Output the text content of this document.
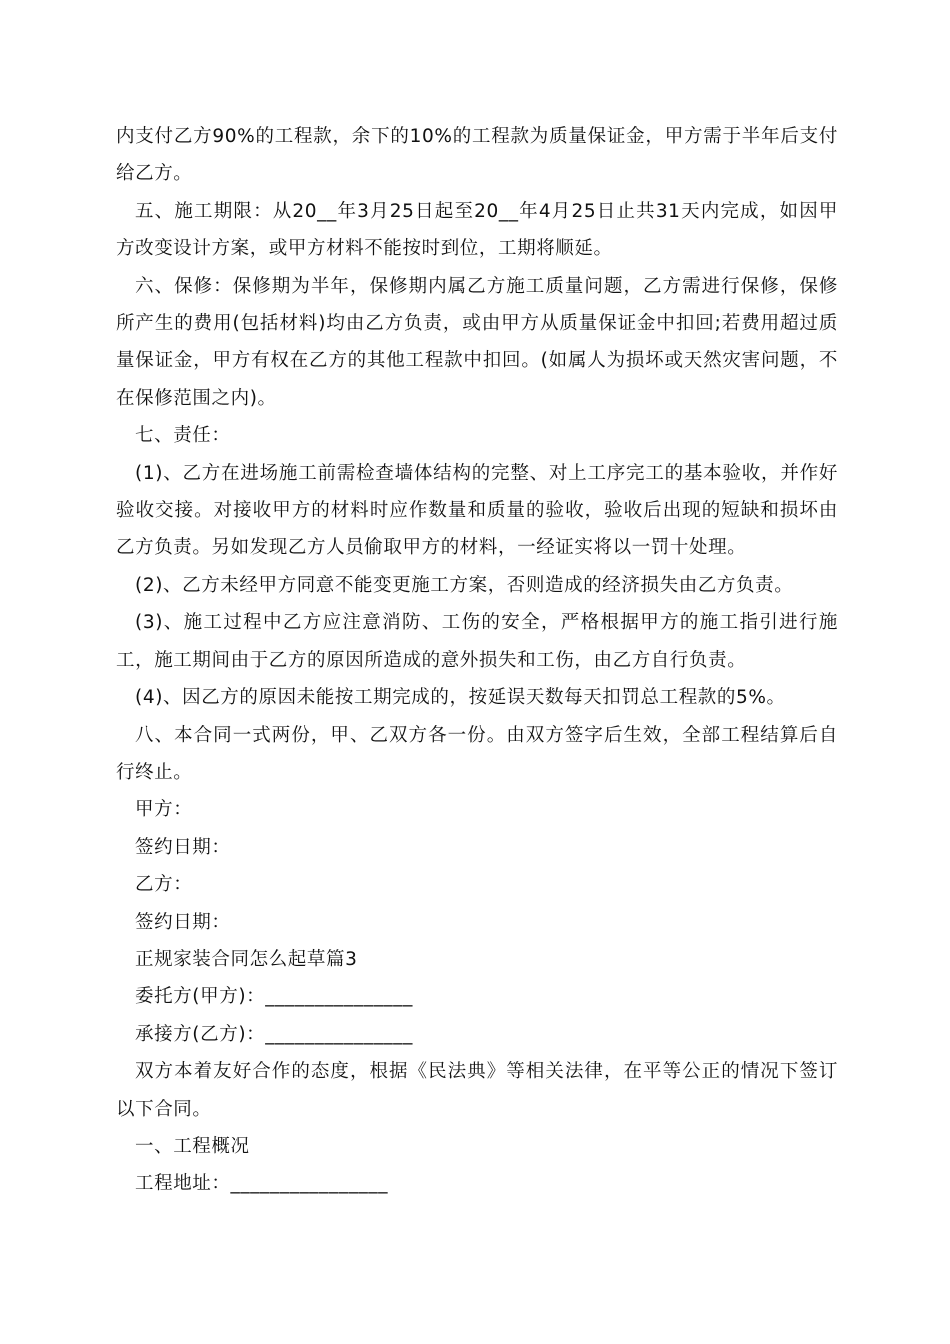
内支付乙方90%的工程款，余下的10%的工程款为质量保证金，甲方需于半年后支付给乙方。

五、施工期限：从20__年3月25日起至20__年4月25日止共31天内完成，如因甲方改变设计方案，或甲方材料不能按时到位，工期将顺延。

六、保修：保修期为半年，保修期内属乙方施工质量问题，乙方需进行保修，保修所产生的费用(包括材料)均由乙方负责，或由甲方从质量保证金中扣回;若费用超过质量保证金，甲方有权在乙方的其他工程款中扣回。(如属人为损坏或天然灾害问题，不在保修范围之内)。

七、责任：

(1)、乙方在进场施工前需检查墙体结构的完整、对上工序完工的基本验收，并作好验收交接。对接收甲方的材料时应作数量和质量的验收，验收后出现的短缺和损坏由乙方负责。另如发现乙方人员偷取甲方的材料，一经证实将以一罚十处理。

(2)、乙方未经甲方同意不能变更施工方案，否则造成的经济损失由乙方负责。

(3)、施工过程中乙方应注意消防、工伤的安全，严格根据甲方的施工指引进行施工，施工期间由于乙方的原因所造成的意外损失和工伤，由乙方自行负责。

(4)、因乙方的原因未能按工期完成的，按延误天数每天扣罚总工程款的5%。

八、本合同一式两份，甲、乙双方各一份。由双方签字后生效，全部工程结算后自行终止。

甲方：

签约日期：

乙方：

签约日期：

正规家装合同怎么起草篇3

委托方(甲方)：_______________

承接方(乙方)：_______________

双方本着友好合作的态度，根据《民法典》等相关法律，在平等公正的情况下签订以下合同。

一、工程概况

工程地址：________________
